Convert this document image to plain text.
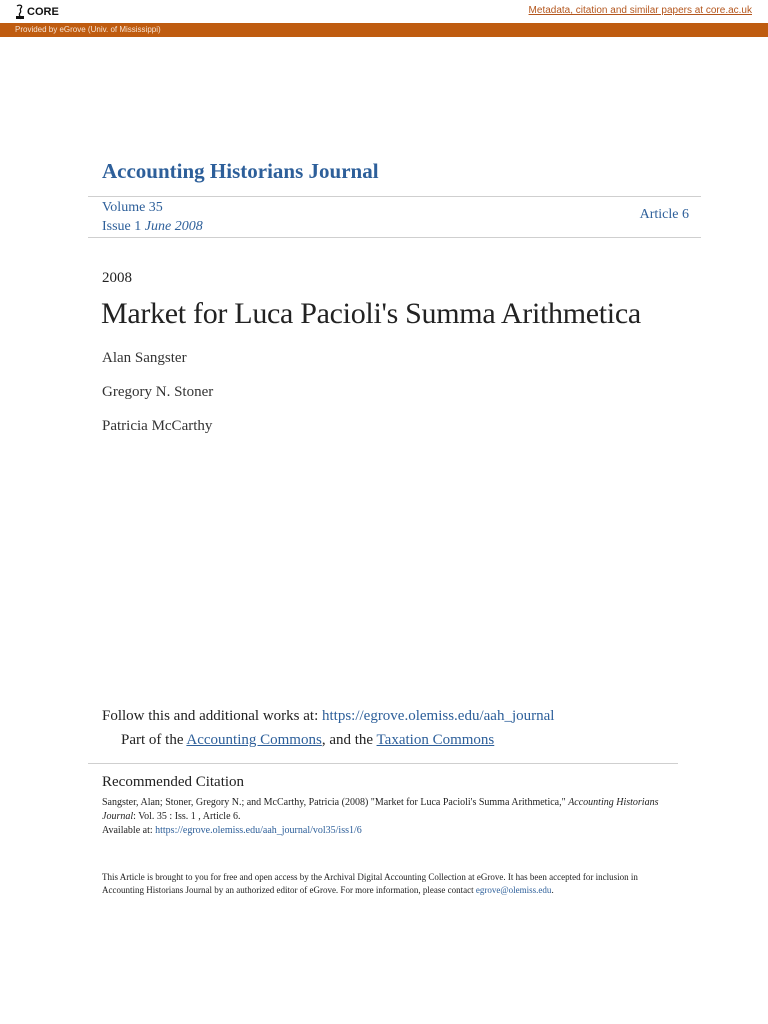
CORE	Metadata, citation and similar papers at core.ac.uk
Provided by eGrove (Univ. of Mississippi)
Accounting Historians Journal
Volume 35
Issue 1 June 2008
Article 6
2008
Market for Luca Pacioli's Summa Arithmetica
Alan Sangster
Gregory N. Stoner
Patricia McCarthy
Follow this and additional works at: https://egrove.olemiss.edu/aah_journal
Part of the Accounting Commons, and the Taxation Commons
Recommended Citation
Sangster, Alan; Stoner, Gregory N.; and McCarthy, Patricia (2008) "Market for Luca Pacioli's Summa Arithmetica," Accounting Historians Journal: Vol. 35 : Iss. 1 , Article 6.
Available at: https://egrove.olemiss.edu/aah_journal/vol35/iss1/6
This Article is brought to you for free and open access by the Archival Digital Accounting Collection at eGrove. It has been accepted for inclusion in Accounting Historians Journal by an authorized editor of eGrove. For more information, please contact egrove@olemiss.edu.
